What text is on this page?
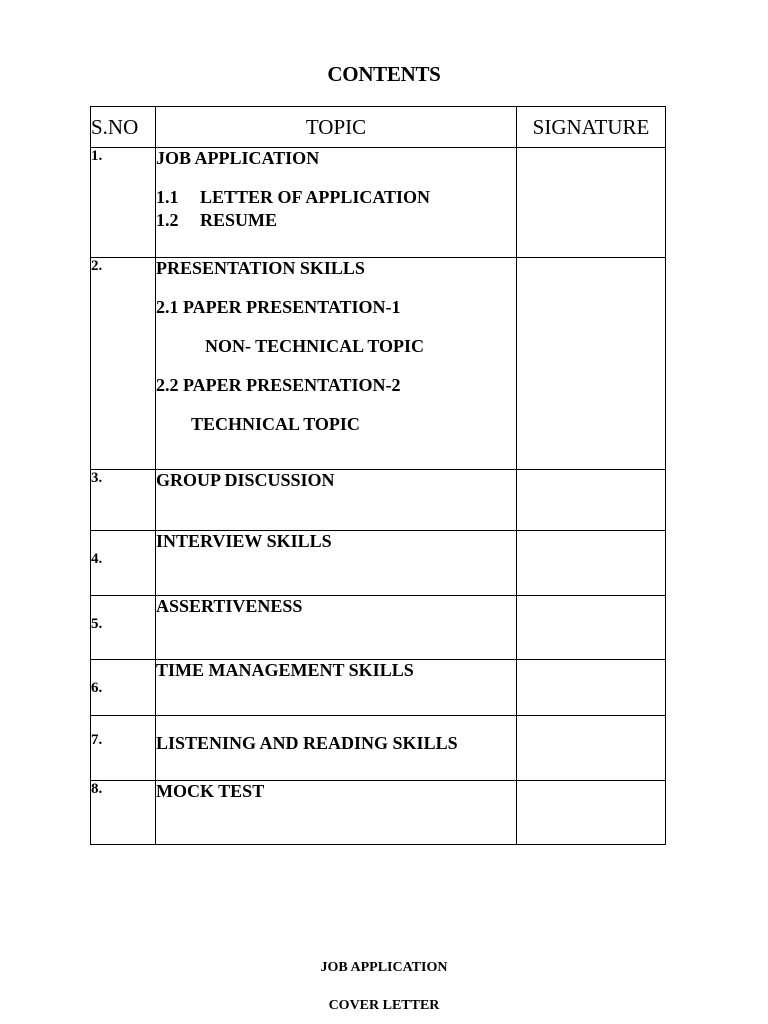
CONTENTS
S.NO	TOPIC	SIGNATURE
1.	JOB APPLICATION
1.1 LETTER OF APPLICATION
1.2 RESUME	

2.	PRESENTATION SKILLS
2.1 PAPER PRESENTATION-1
NON- TECHNICAL TOPIC
2.2 PAPER PRESENTATION-2
TECHNICAL TOPIC	

3.	GROUP DISCUSSION	

4.	INTERVIEW SKILLS	

5.	ASSERTIVENESS	

6.	TIME MANAGEMENT SKILLS	

7.	LISTENING AND READING SKILLS	

8.	MOCK TEST	

JOB APPLICATION
COVER LETTER
